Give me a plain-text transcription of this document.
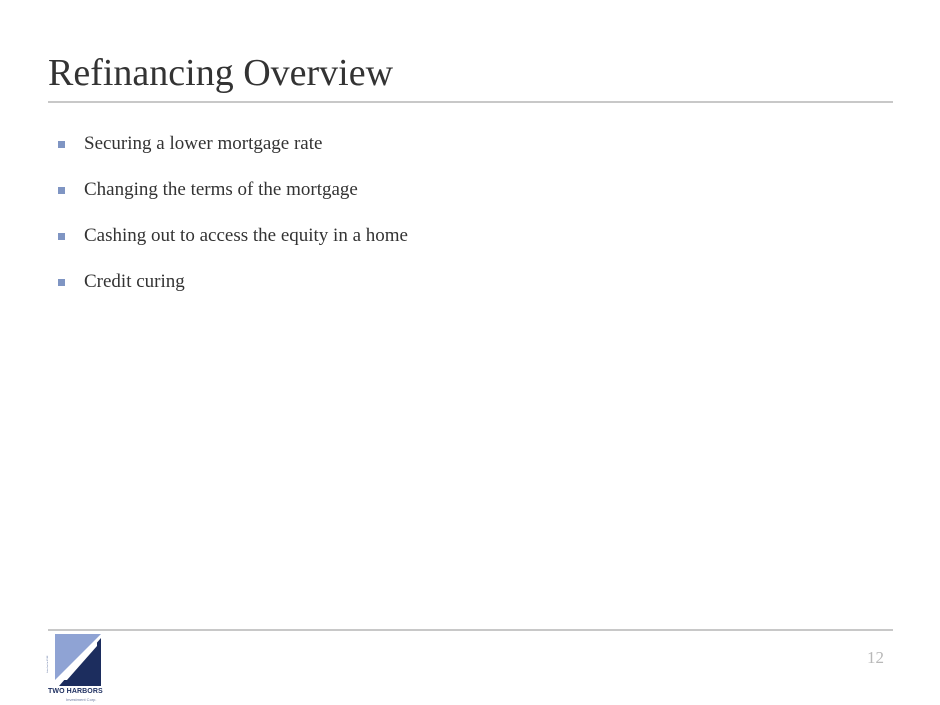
Refinancing Overview
Securing a lower mortgage rate
Changing the terms of the mortgage
Cashing out to access the equity in a home
Credit curing
Listed on the NYSE
TWO HARBORS
Investment Corp.
12
